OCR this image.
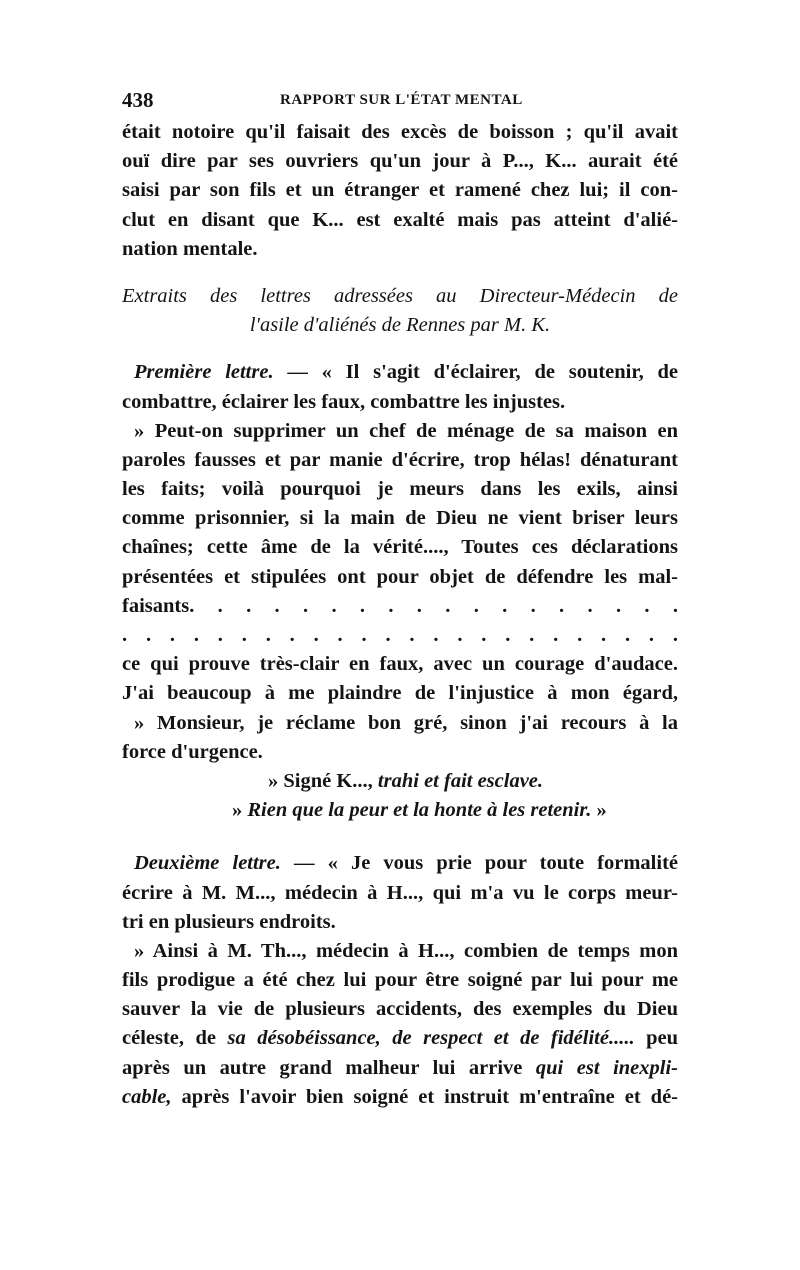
438	RAPPORT SUR L'ÉTAT MENTAL
était notoire qu'il faisait des excès de boisson ; qu'il avait
ouï dire par ses ouvriers qu'un jour à P..., K... aurait été
saisi par son fils et un étranger et ramené chez lui; il con-
clut en disant que K... est exalté mais pas atteint d'alié-
nation mentale.
Extraits des lettres adressées au Directeur-Médecin de
l'asile d'aliénés de Rennes par M. K.
Première lettre. — « Il s'agit d'éclairer, de soutenir, de
combattre, éclairer les faux, combattre les injustes.
» Peut-on supprimer un chef de ménage de sa maison en
paroles fausses et par manie d'écrire, trop hélas! dénaturant
les faits; voilà pourquoi je meurs dans les exils, ainsi
comme prisonnier, si la main de Dieu ne vient briser leurs
chaînes; cette âme de la vérité...., Toutes ces déclarations
présentées et stipulées ont pour objet de défendre les mal-
faisants. . . . . . . . . . . . . . . . . .
. . . . . . . . . . . . . . . . . . . . . . . .
ce qui prouve très-clair en faux, avec un courage d'audace.
J'ai beaucoup à me plaindre de l'injustice à mon égard,
» Monsieur, je réclame bon gré, sinon j'ai recours à la
force d'urgence.
» Signé K..., trahi et fait esclave.
» Rien que la peur et la honte à les retenir. »
Deuxième lettre. — « Je vous prie pour toute formalité
écrire à M. M..., médecin à H..., qui m'a vu le corps meur-
tri en plusieurs endroits.
» Ainsi à M. Th..., médecin à H..., combien de temps mon
fils prodigue a été chez lui pour être soigné par lui pour me
sauver la vie de plusieurs accidents, des exemples du Dieu
céleste, de sa désobéissance, de respect et de fidélité..... peu
après un autre grand malheur lui arrive qui est inexpli-
cable, après l'avoir bien soigné et instruit m'entraîne et dé-
